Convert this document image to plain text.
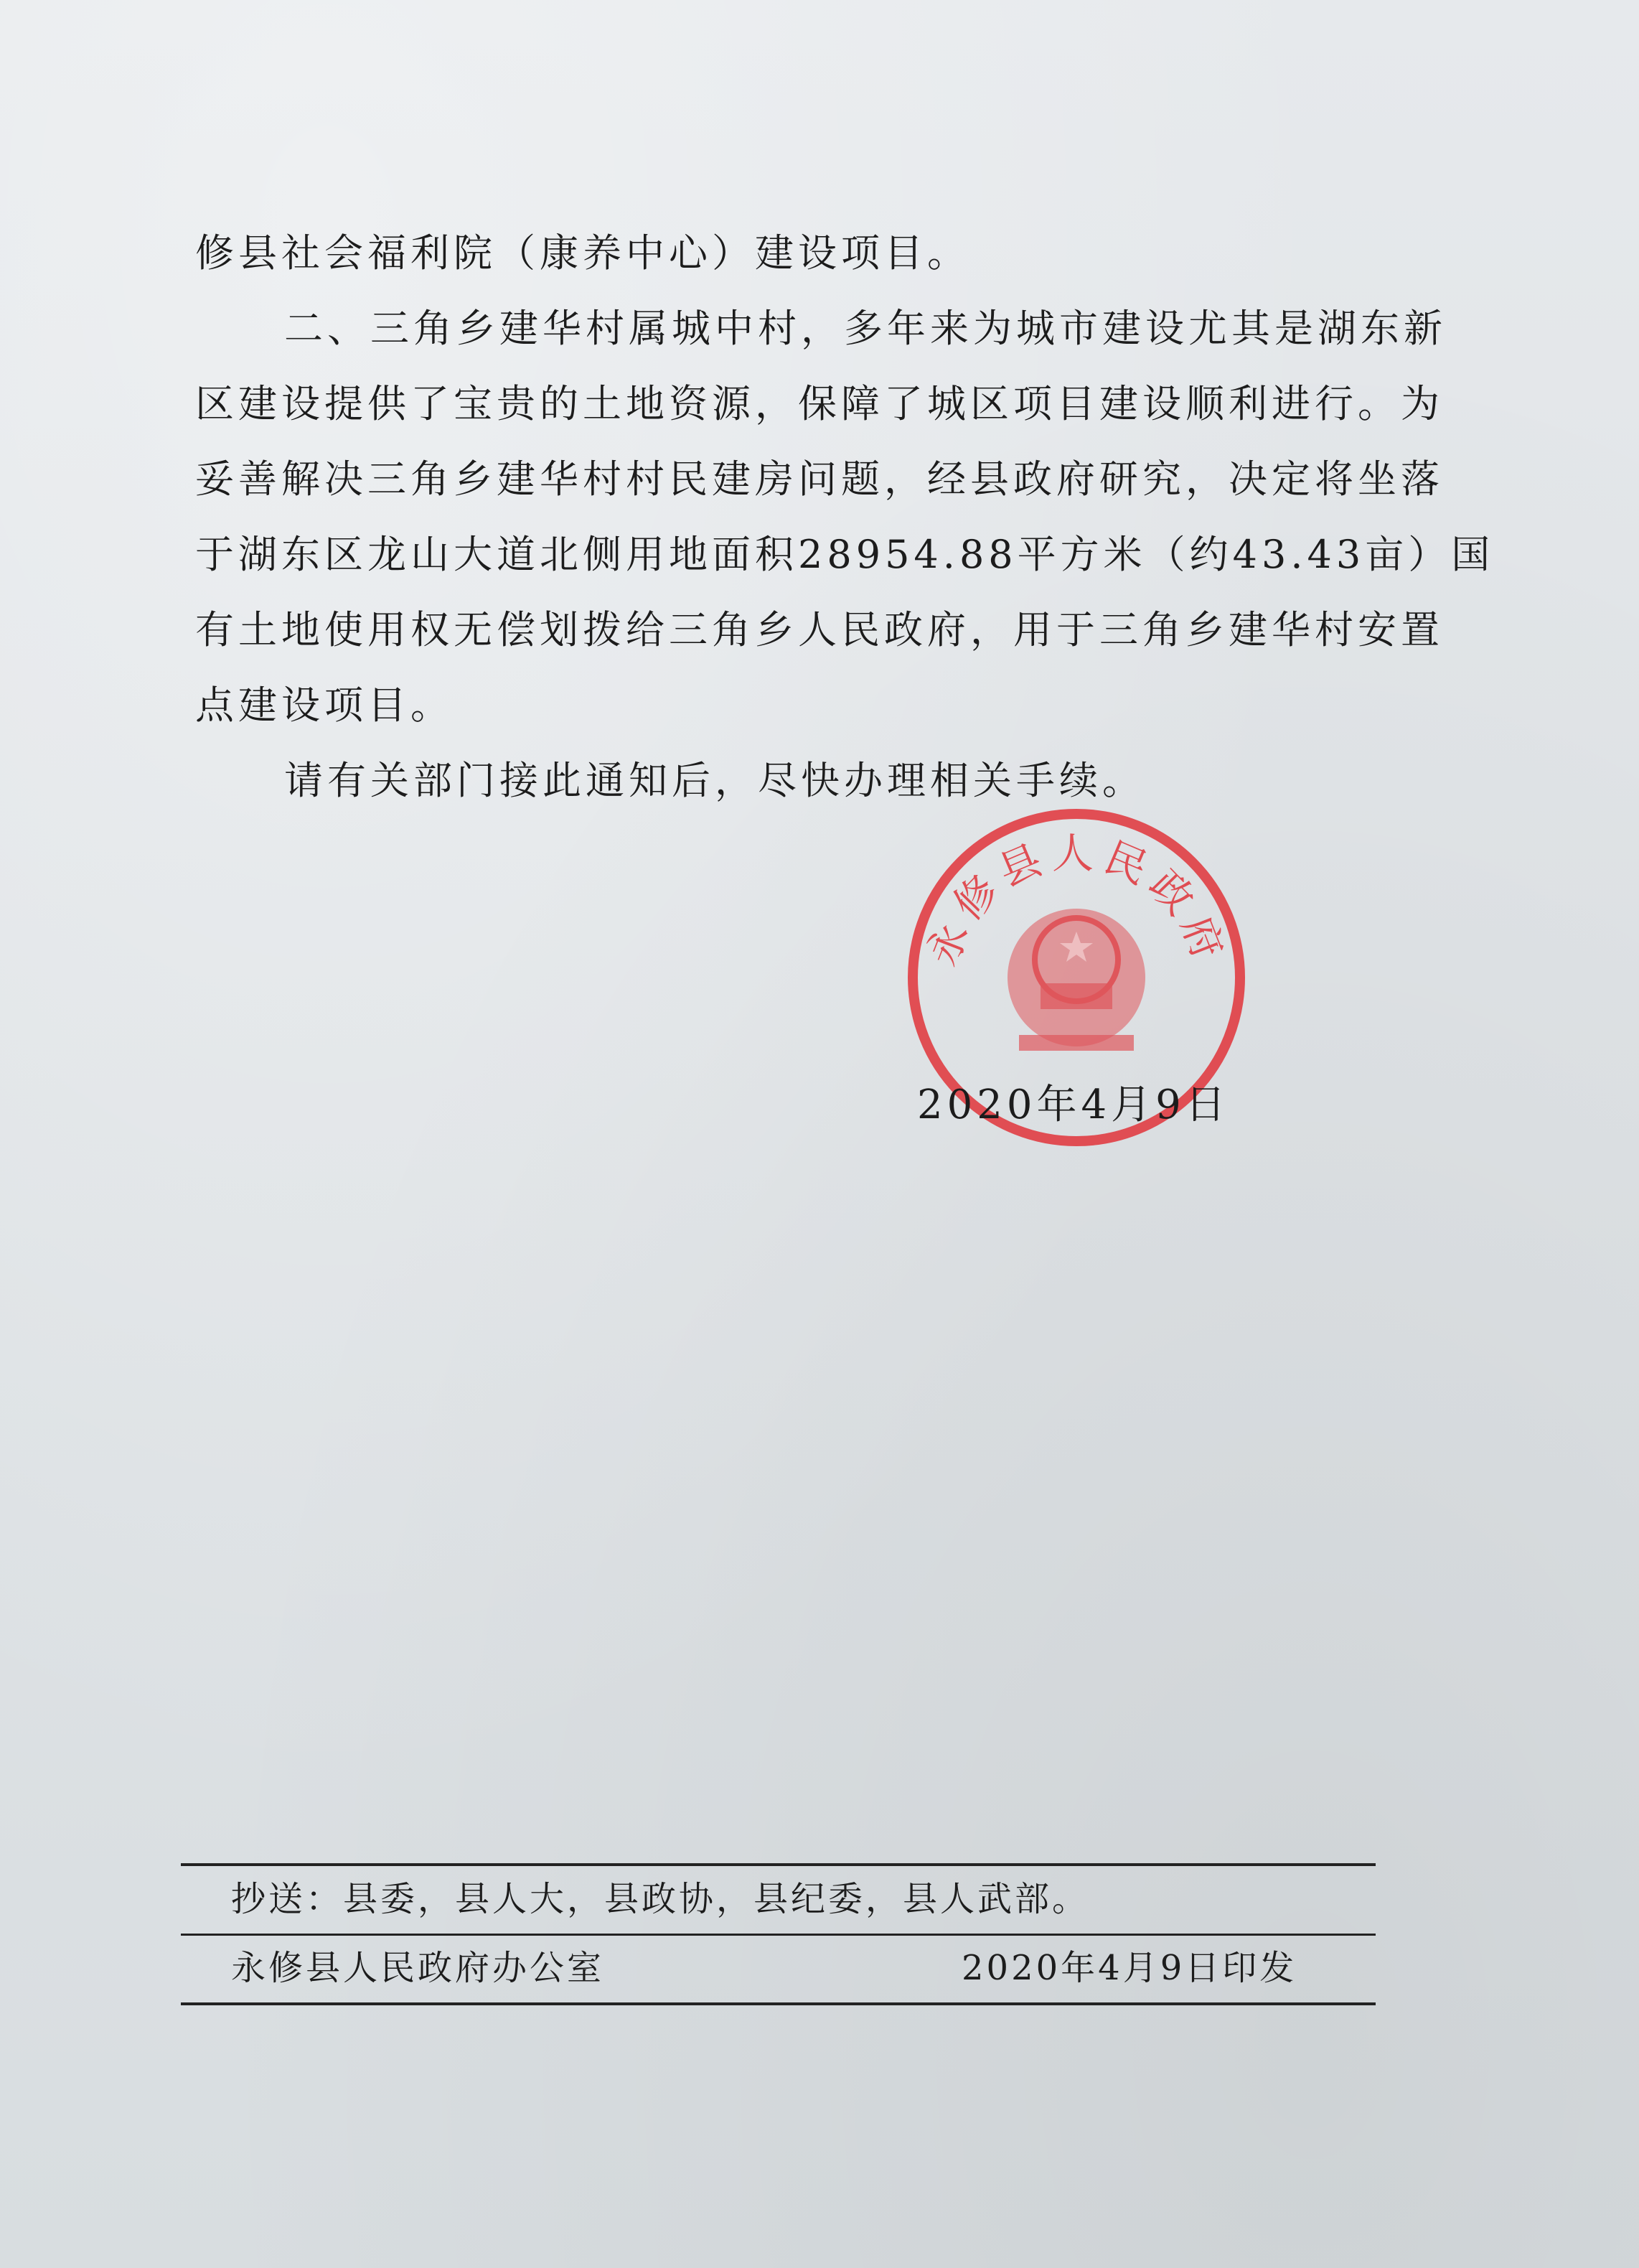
修县社会福利院（康养中心）建设项目。
二、三角乡建华村属城中村，多年来为城市建设尤其是湖东新
区建设提供了宝贵的土地资源，保障了城区项目建设顺利进行。为
妥善解决三角乡建华村村民建房问题，经县政府研究，决定将坐落
于湖东区龙山大道北侧用地面积28954.88平方米（约43.43亩）国
有土地使用权无偿划拨给三角乡人民政府，用于三角乡建华村安置
点建设项目。
请有关部门接此通知后，尽快办理相关手续。
永修县人民政府
2020年4月9日
抄送：县委，县人大，县政协，县纪委，县人武部。
永修县人民政府办公室	2020年4月9日印发
